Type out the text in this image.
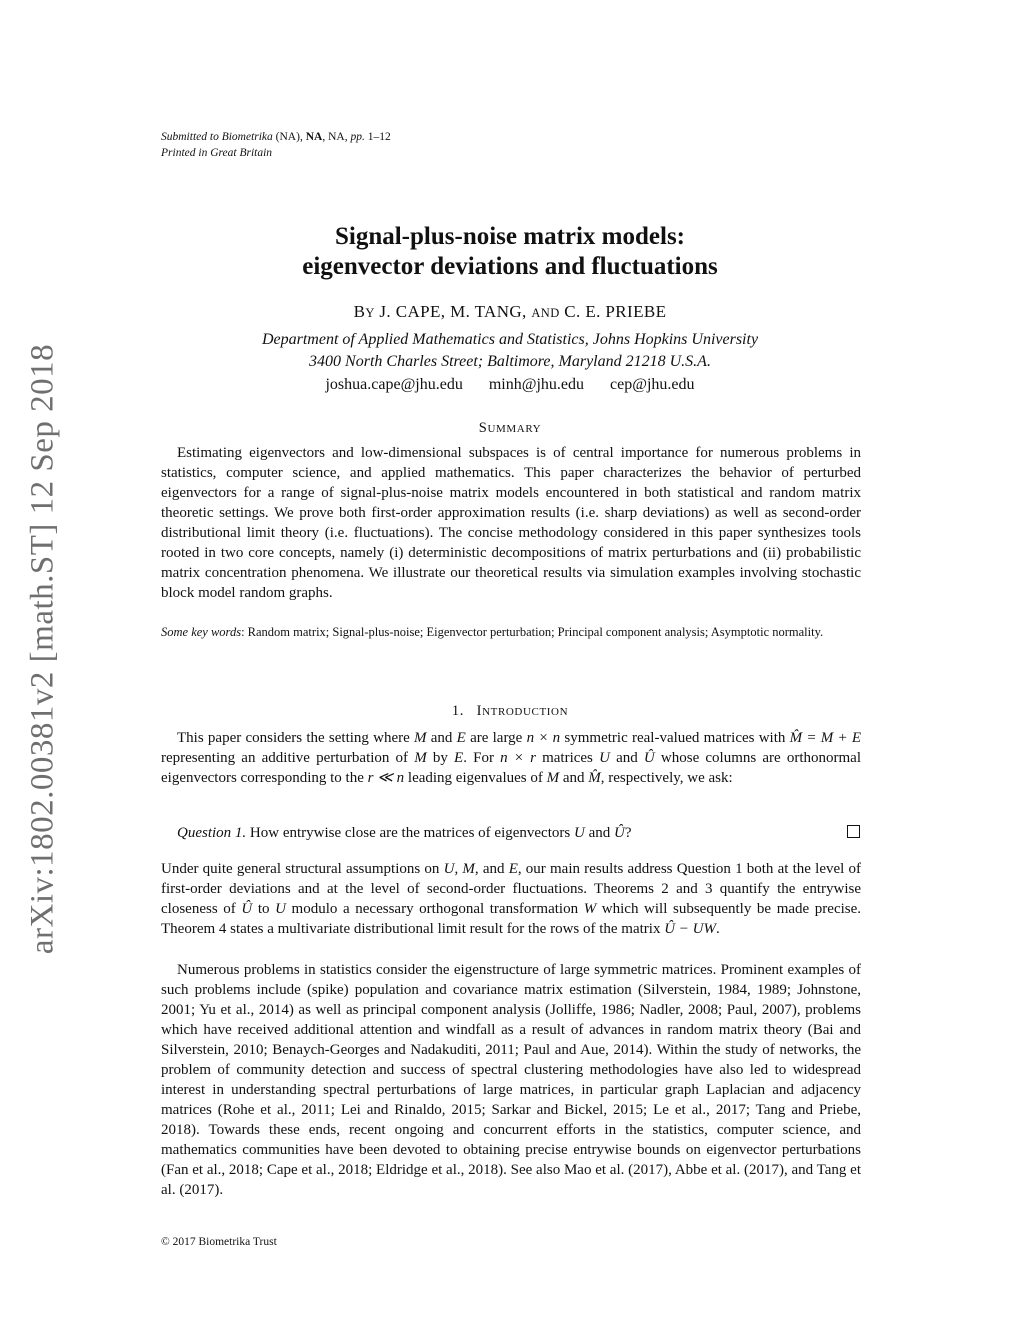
arXiv:1802.00381v2 [math.ST] 12 Sep 2018
Submitted to Biometrika (NA), NA, NA, pp. 1–12
Printed in Great Britain
Signal-plus-noise matrix models:
eigenvector deviations and fluctuations
BY J. CAPE, M. TANG, AND C. E. PRIEBE
Department of Applied Mathematics and Statistics, Johns Hopkins University
3400 North Charles Street; Baltimore, Maryland 21218 U.S.A.
joshua.cape@jhu.edu minh@jhu.edu cep@jhu.edu
SUMMARY
Estimating eigenvectors and low-dimensional subspaces is of central importance for numerous problems in statistics, computer science, and applied mathematics. This paper characterizes the behavior of perturbed eigenvectors for a range of signal-plus-noise matrix models encountered in both statistical and random matrix theoretic settings. We prove both first-order approximation results (i.e. sharp deviations) as well as second-order distributional limit theory (i.e. fluctuations). The concise methodology considered in this paper synthesizes tools rooted in two core concepts, namely (i) deterministic decompositions of matrix perturbations and (ii) probabilistic matrix concentration phenomena. We illustrate our theoretical results via simulation examples involving stochastic block model random graphs.
Some key words: Random matrix; Signal-plus-noise; Eigenvector perturbation; Principal component analysis; Asymptotic normality.
1. INTRODUCTION
This paper considers the setting where M and E are large n × n symmetric real-valued matrices with M̂ = M + E representing an additive perturbation of M by E. For n × r matrices U and Û whose columns are orthonormal eigenvectors corresponding to the r ≪ n leading eigenvalues of M and M̂, respectively, we ask:
Question 1. How entrywise close are the matrices of eigenvectors U and Û?
Under quite general structural assumptions on U, M, and E, our main results address Question 1 both at the level of first-order deviations and at the level of second-order fluctuations. Theorems 2 and 3 quantify the entrywise closeness of Û to U modulo a necessary orthogonal transformation W which will subsequently be made precise. Theorem 4 states a multivariate distributional limit result for the rows of the matrix Û − UW.
Numerous problems in statistics consider the eigenstructure of large symmetric matrices. Prominent examples of such problems include (spike) population and covariance matrix estimation (Silverstein, 1984, 1989; Johnstone, 2001; Yu et al., 2014) as well as principal component analysis (Jolliffe, 1986; Nadler, 2008; Paul, 2007), problems which have received additional attention and windfall as a result of advances in random matrix theory (Bai and Silverstein, 2010; Benaych-Georges and Nadakuditi, 2011; Paul and Aue, 2014). Within the study of networks, the problem of community detection and success of spectral clustering methodologies have also led to widespread interest in understanding spectral perturbations of large matrices, in particular graph Laplacian and adjacency matrices (Rohe et al., 2011; Lei and Rinaldo, 2015; Sarkar and Bickel, 2015; Le et al., 2017; Tang and Priebe, 2018). Towards these ends, recent ongoing and concurrent efforts in the statistics, computer science, and mathematics communities have been devoted to obtaining precise entrywise bounds on eigenvector perturbations (Fan et al., 2018; Cape et al., 2018; Eldridge et al., 2018). See also Mao et al. (2017), Abbe et al. (2017), and Tang et al. (2017).
© 2017 Biometrika Trust
